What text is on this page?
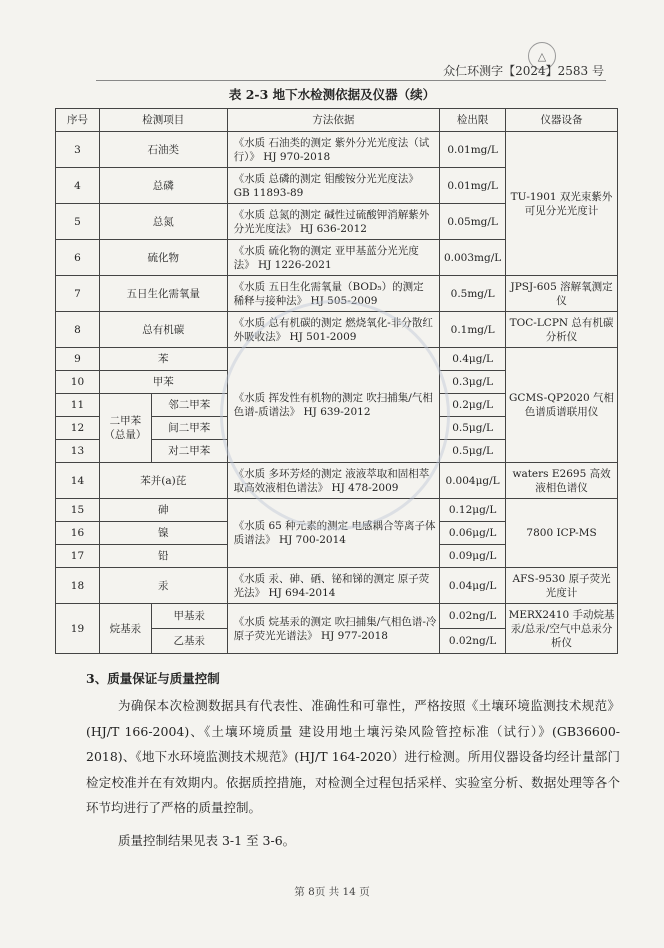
△
众仁环测字【2024】2583 号
表 2-3 地下水检测依据及仪器（续）
序号	检测项目		方法依据	检出限	仪器设备
3	石油类		《水质 石油类的测定 紫外分光光度法（试行）》 HJ 970-2018	0.01mg/L	TU-1901 双光束紫外可见分光光度计
4	总磷		《水质 总磷的测定 钼酸铵分光光度法》 GB 11893-89	0.01mg/L	
5	总氮		《水质 总氮的测定 碱性过硫酸钾消解紫外分光光度法》 HJ 636-2012	0.05mg/L	
6	硫化物		《水质 硫化物的测定 亚甲基蓝分光光度法》 HJ 1226-2021	0.003mg/L	
7	五日生化需氧量		《水质 五日生化需氧量（BOD₅）的测定 稀释与接种法》 HJ 505-2009	0.5mg/L	JPSJ-605 溶解氧测定仪
8	总有机碳		《水质 总有机碳的测定 燃烧氧化-非分散红外吸收法》 HJ 501-2009	0.1mg/L	TOC-LCPN 总有机碳分析仪
9	苯		《水质 挥发性有机物的测定 吹扫捕集/气相色谱-质谱法》 HJ 639-2012	0.4μg/L	GCMS-QP2020 气相色谱质谱联用仪
10	甲苯			0.3μg/L	
11	二甲苯（总量）	邻二甲苯		0.2μg/L	
12		间二甲苯		0.5μg/L	
13		对二甲苯		0.5μg/L	
14	苯并(a)芘		《水质 多环芳烃的测定 液液萃取和固相萃取高效液相色谱法》 HJ 478-2009	0.004μg/L	waters E2695 高效液相色谱仪
15	砷		《水质 65 种元素的测定 电感耦合等离子体质谱法》 HJ 700-2014	0.12μg/L	7800 ICP-MS
16	镍			0.06μg/L	
17	铅			0.09μg/L	
18	汞		《水质 汞、砷、硒、铋和锑的测定 原子荧光法》 HJ 694-2014	0.04μg/L	AFS-9530 原子荧光光度计
19	烷基汞	甲基汞	《水质 烷基汞的测定 吹扫捕集/气相色谱-冷原子荧光光谱法》 HJ 977-2018	0.02ng/L	MERX2410 手动烷基汞/总汞/空气中总汞分析仪
		乙基汞		0.02ng/L	
3、质量保证与质量控制
为确保本次检测数据具有代表性、准确性和可靠性，严格按照《土壤环境监测技术规范》(HJ/T 166-2004)、《土壤环境质量 建设用地土壤污染风险管控标准（试行）》(GB36600-2018)、《地下水环境监测技术规范》(HJ/T 164-2020）进行检测。所用仪器设备均经计量部门检定校准并在有效期内。依据质控措施，对检测全过程包括采样、实验室分析、数据处理等各个环节均进行了严格的质量控制。
质量控制结果见表 3-1 至 3-6。
第 8页 共 14 页
